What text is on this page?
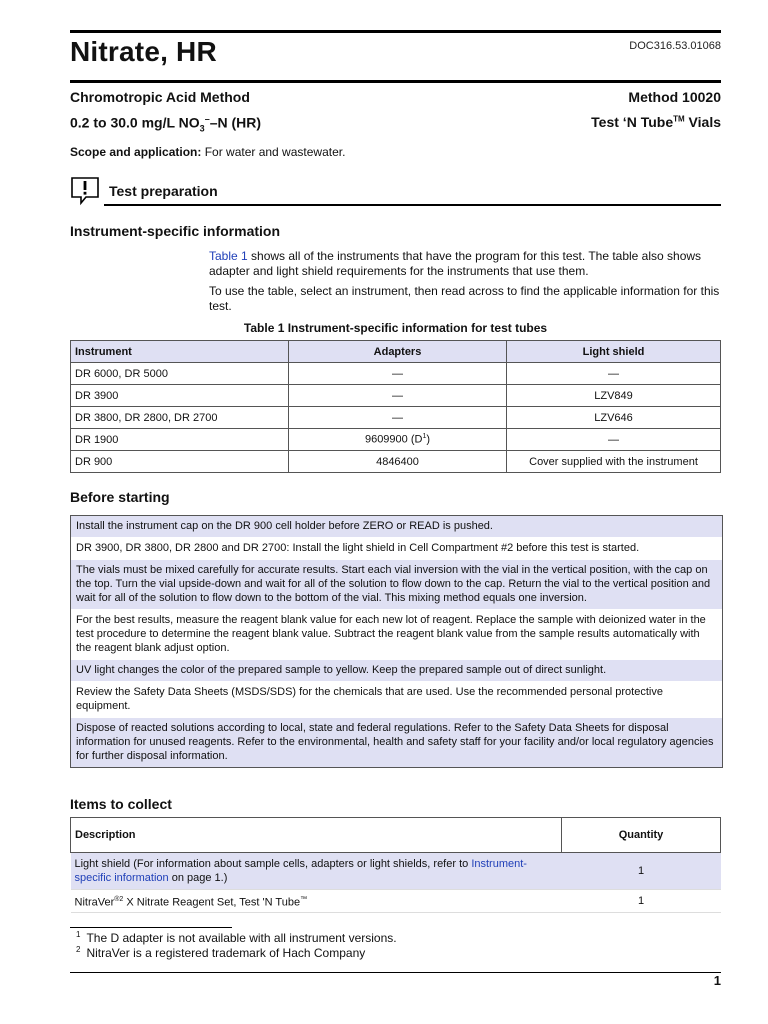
Nitrate, HR	DOC316.53.01068
Chromotropic Acid Method	Method 10020
0.2 to 30.0 mg/L $NO_3^--N$ (HR)	Test ‘N Tube™ Vials
Scope and application: For water and wastewater.
Test preparation
Instrument-specific information
Table 1 shows all of the instruments that have the program for this test. The table also shows adapter and light shield requirements for the instruments that use them.
To use the table, select an instrument, then read across to find the applicable information for this test.
Table 1 Instrument-specific information for test tubes
Instrument	Adapters	Light shield
DR 6000, DR 5000	—	—
DR 3900	—	LZV849
DR 3800, DR 2800, DR 2700	—	LZV646
DR 1900	9609900 $(D^1)$	—
DR 900	4846400	Cover supplied with the instrument
Before starting
Install the instrument cap on the DR 900 cell holder before ZERO or READ is pushed.
DR 3900, DR 3800, DR 2800 and DR 2700: Install the light shield in Cell Compartment #2 before this test is started.
The vials must be mixed carefully for accurate results. Start each vial inversion with the vial in the vertical position, with the cap on the top. Turn the vial upside-down and wait for all of the solution to flow down to the cap. Return the vial to the vertical position and wait for all of the solution to flow down to the bottom of the vial. This mixing method equals one inversion.
For the best results, measure the reagent blank value for each new lot of reagent. Replace the sample with deionized water in the test procedure to determine the reagent blank value. Subtract the reagent blank value from the sample results automatically with the reagent blank adjust option.
UV light changes the color of the prepared sample to yellow. Keep the prepared sample out of direct sunlight.
Review the Safety Data Sheets (MSDS/SDS) for the chemicals that are used. Use the recommended personal protective equipment.
Dispose of reacted solutions according to local, state and federal regulations. Refer to the Safety Data Sheets for disposal information for unused reagents. Refer to the environmental, health and safety staff for your facility and/or local regulatory agencies for further disposal information.
Items to collect
Description	Quantity
Light shield (For information about sample cells, adapters or light shields, refer to Instrument-specific information on page 1.)	1
NitraVer$^{®2}$ X Nitrate Reagent Set, Test 'N Tube™	1
$^1$ The D adapter is not available with all instrument versions.
$^2$ NitraVer is a registered trademark of Hach Company
1
